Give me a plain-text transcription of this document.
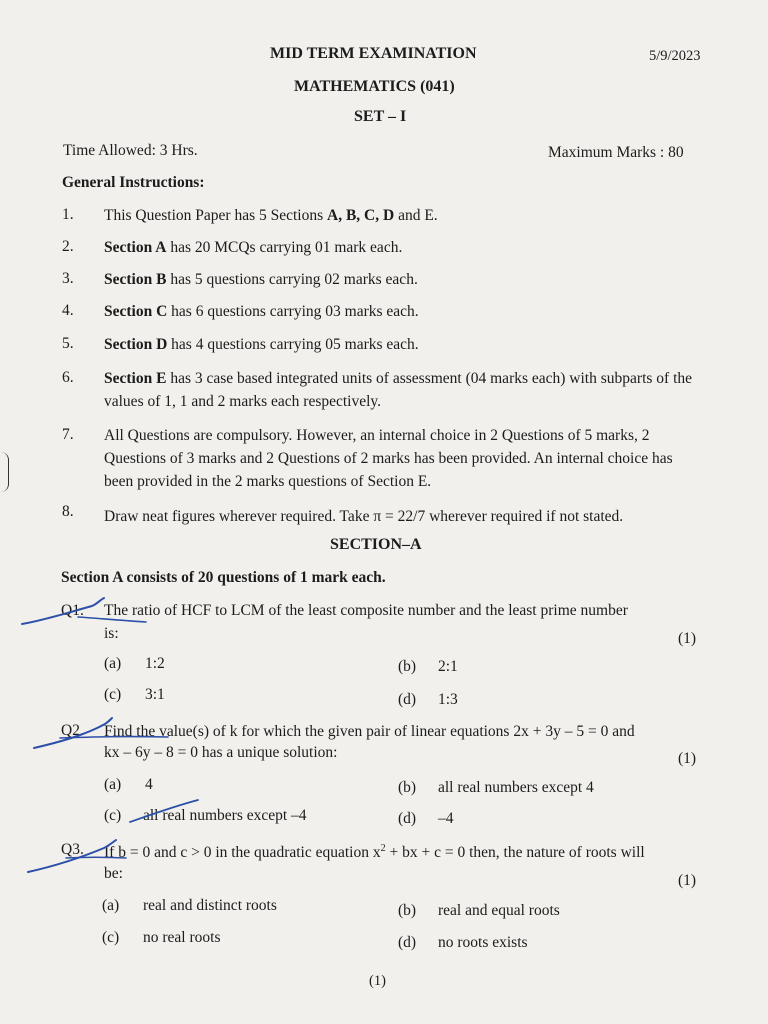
MID TERM EXAMINATION	5/9/2023
MATHEMATICS (041)
SET – I
Time Allowed: 3 Hrs.	Maximum Marks : 80
General Instructions:
1. This Question Paper has 5 Sections A, B, C, D and E.
2. Section A has 20 MCQs carrying 01 mark each.
3. Section B has 5 questions carrying 02 marks each.
4. Section C has 6 questions carrying 03 marks each.
5. Section D has 4 questions carrying 05 marks each.
6. Section E has 3 case based integrated units of assessment (04 marks each) with subparts of the values of 1, 1 and 2 marks each respectively.
7. All Questions are compulsory. However, an internal choice in 2 Questions of 5 marks, 2 Questions of 3 marks and 2 Questions of 2 marks has been provided. An internal choice has been provided in the 2 marks questions of Section E.
8. Draw neat figures wherever required. Take π = 22/7 wherever required if not stated.
SECTION–A
Section A consists of 20 questions of 1 mark each.
Q1. The ratio of HCF to LCM of the least composite number and the least prime number
is:	(1)
(a) 1:2	(b) 2:1
(c) 3:1	(d) 1:3
Q2. Find the value(s) of k for which the given pair of linear equations 2x + 3y – 5 = 0 and
kx – 6y – 8 = 0 has a unique solution:	(1)
(a) 4	(b) all real numbers except 4
(c) all real numbers except –4	(d) –4
Q3. If b = 0 and c > 0 in the quadratic equation $x^2$ + bx + c = 0 then, the nature of roots will
be:	(1)
(a) real and distinct roots	(b) real and equal roots
(c) no real roots	(d) no roots exists
(1)
